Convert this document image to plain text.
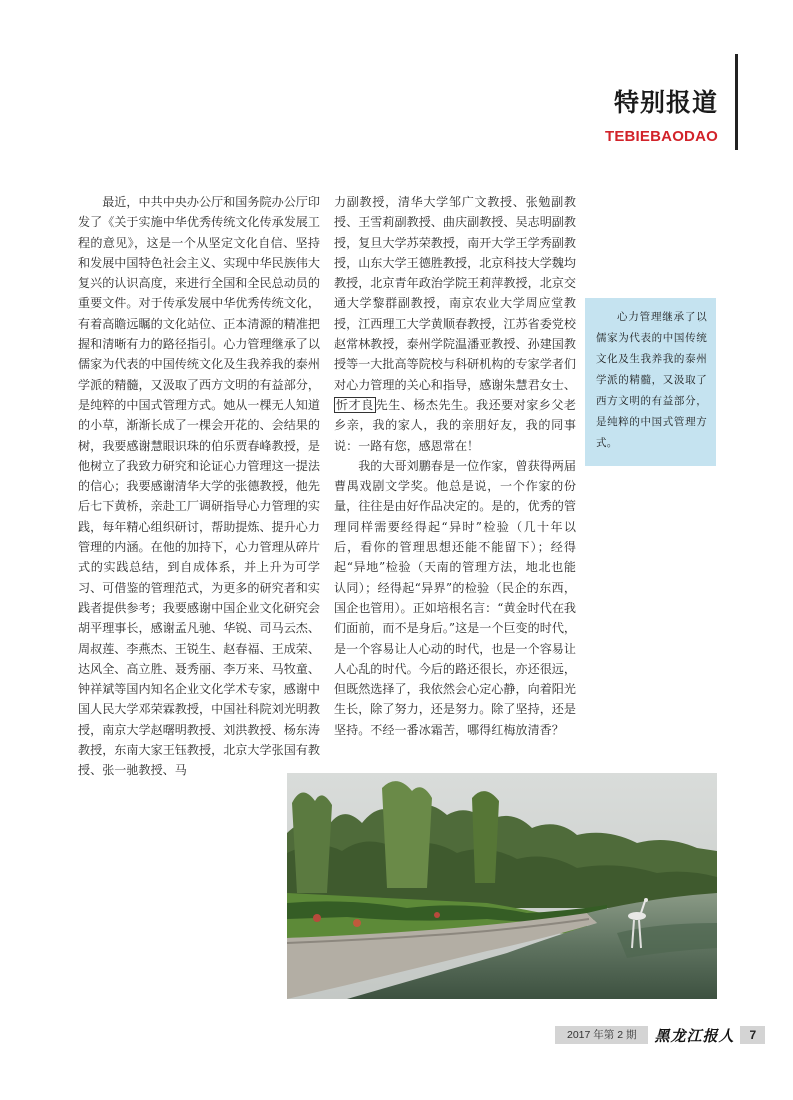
特别报道
TEBIEBAODAO

最近，中共中央办公厅和国务院办公厅印发了《关于实施中华优秀传统文化传承发展工程的意见》，这是一个从坚定文化自信、坚持和发展中国特色社会主义、实现中华民族伟大复兴的认识高度，来进行全国和全民总动员的重要文件。对于传承发展中华优秀传统文化，有着高瞻远瞩的文化站位、正本清源的精准把握和清晰有力的路径指引。心力管理继承了以儒家为代表的中国传统文化及生我养我的泰州学派的精髓，又汲取了西方文明的有益部分，是纯粹的中国式管理方式。她从一棵无人知道的小草，渐渐长成了一棵会开花的、会结果的树，我要感谢慧眼识珠的伯乐贾春峰教授，是他树立了我致力研究和论证心力管理这一提法的信心；我要感谢清华大学的张德教授，他先后七下黄桥，亲赴工厂调研指导心力管理的实践，每年精心组织研讨，帮助提炼、提升心力管理的内涵。在他的加持下，心力管理从碎片式的实践总结，到自成体系，并上升为可学习、可借鉴的管理范式，为更多的研究者和实践者提供参考；我要感谢中国企业文化研究会胡平理事长，感谢孟凡驰、华锐、司马云杰、周叔莲、李燕杰、王锐生、赵春福、王成荣、达风全、高立胜、聂秀丽、李万来、马牧童、钟祥斌等国内知名企业文化学术专家，感谢中国人民大学邓荣霖教授，中国社科院刘光明教授，南京大学赵曙明教授、刘洪教授、杨东涛教授，东南大家王钰教授，北京大学张国有教授、张一驰教授、马

力副教授，清华大学邹广文教授、张勉副教授、王雪莉副教授、曲庆副教授、吴志明副教授，复旦大学苏荣教授，南开大学王学秀副教授，山东大学王德胜教授，北京科技大学魏均教授，北京青年政治学院王莉萍教授，北京交通大学黎群副教授，南京农业大学周应堂教授，江西理工大学黄顺春教授，江苏省委党校赵常林教授，泰州学院温潘亚教授、孙建国教授等一大批高等院校与科研机构的专家学者们对心力管理的关心和指导，感谢朱慧君女士、忻才良 先生、杨杰先生。我还要对家乡父老乡亲，我的家人，我的亲朋好友，我的同事说：一路有您，感恩常在！

我的大哥刘鹏春是一位作家，曾获得两届曹禺戏剧文学奖。他总是说，一个作家的份量，往往是由好作品决定的。是的，优秀的管理同样需要经得起“异时”检验（几十年以后，看你的管理思想还能不能留下）；经得起“异地”检验（天南的管理方法，地北也能认同）；经得起“异界”的检验（民企的东西，国企也管用）。正如培根名言：“黄金时代在我们面前，而不是身后。”这是一个巨变的时代，是一个容易让人心动的时代，也是一个容易让人心乱的时代。今后的路还很长，亦还很远，但既然选择了，我依然会心定心静，向着阳光生长，除了努力，还是努力。除了坚持，还是坚持。不经一番冰霜苦，哪得红梅放清香？

心力管理继承了以儒家为代表的中国传统文化及生我养我的泰州学派的精髓，又汲取了西方文明的有益部分，是纯粹的中国式管理方式。
2017 年第 2 期	黑龙江报人	7
